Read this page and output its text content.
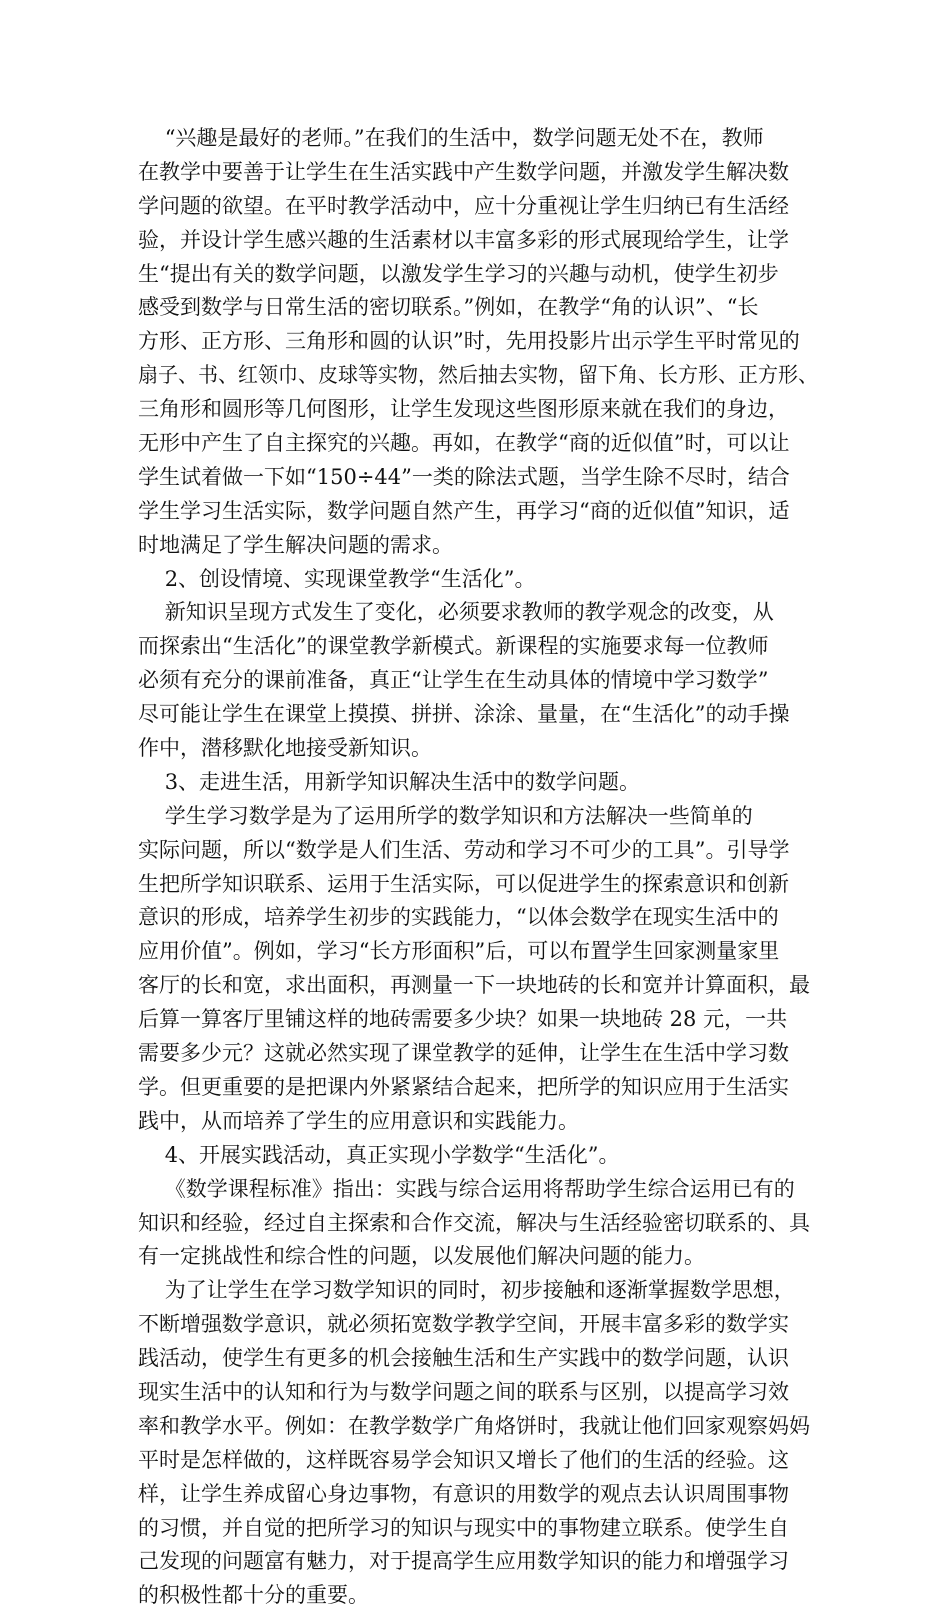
“兴趣是最好的老师。”在我们的生活中，数学问题无处不在，教师
在教学中要善于让学生在生活实践中产生数学问题，并激发学生解决数
学问题的欲望。在平时教学活动中，应十分重视让学生归纳已有生活经
验，并设计学生感兴趣的生活素材以丰富多彩的形式展现给学生，让学
生“提出有关的数学问题，以激发学生学习的兴趣与动机，使学生初步
感受到数学与日常生活的密切联系。”例如，在教学“角的认识”、“长
方形、正方形、三角形和圆的认识”时，先用投影片出示学生平时常见的
扇子、书、红领巾、皮球等实物，然后抽去实物，留下角、长方形、正方形、
三角形和圆形等几何图形，让学生发现这些图形原来就在我们的身边，
无形中产生了自主探究的兴趣。再如，在教学“商的近似值”时，可以让
学生试着做一下如“150÷44”一类的除法式题，当学生除不尽时，结合
学生学习生活实际，数学问题自然产生，再学习“商的近似值”知识，适
时地满足了学生解决问题的需求。
2、创设情境、实现课堂教学“生活化”。
新知识呈现方式发生了变化，必须要求教师的教学观念的改变，从
而探索出“生活化”的课堂教学新模式。新课程的实施要求每一位教师
必须有充分的课前准备，真正“让学生在生动具体的情境中学习数学”
尽可能让学生在课堂上摸摸、拼拼、涂涂、量量，在“生活化”的动手操
作中，潜移默化地接受新知识。
3、走进生活，用新学知识解决生活中的数学问题。
学生学习数学是为了运用所学的数学知识和方法解决一些简单的
实际问题，所以“数学是人们生活、劳动和学习不可少的工具”。引导学
生把所学知识联系、运用于生活实际，可以促进学生的探索意识和创新
意识的形成，培养学生初步的实践能力，“以体会数学在现实生活中的
应用价值”。例如，学习“长方形面积”后，可以布置学生回家测量家里
客厅的长和宽，求出面积，再测量一下一块地砖的长和宽并计算面积，最
后算一算客厅里铺这样的地砖需要多少块？如果一块地砖 28 元，一共
需要多少元？这就必然实现了课堂教学的延伸，让学生在生活中学习数
学。但更重要的是把课内外紧紧结合起来，把所学的知识应用于生活实
践中，从而培养了学生的应用意识和实践能力。
4、开展实践活动，真正实现小学数学“生活化”。
《数学课程标准》指出：实践与综合运用将帮助学生综合运用已有的
知识和经验，经过自主探索和合作交流，解决与生活经验密切联系的、具
有一定挑战性和综合性的问题，以发展他们解决问题的能力。
为了让学生在学习数学知识的同时，初步接触和逐渐掌握数学思想，
不断增强数学意识，就必须拓宽数学教学空间，开展丰富多彩的数学实
践活动，使学生有更多的机会接触生活和生产实践中的数学问题，认识
现实生活中的认知和行为与数学问题之间的联系与区别，以提高学习效
率和教学水平。例如：在教学数学广角烙饼时，我就让他们回家观察妈妈
平时是怎样做的，这样既容易学会知识又增长了他们的生活的经验。这
样，让学生养成留心身边事物，有意识的用数学的观点去认识周围事物
的习惯，并自觉的把所学习的知识与现实中的事物建立联系。使学生自
己发现的问题富有魅力，对于提高学生应用数学知识的能力和增强学习
的积极性都十分的重要。
